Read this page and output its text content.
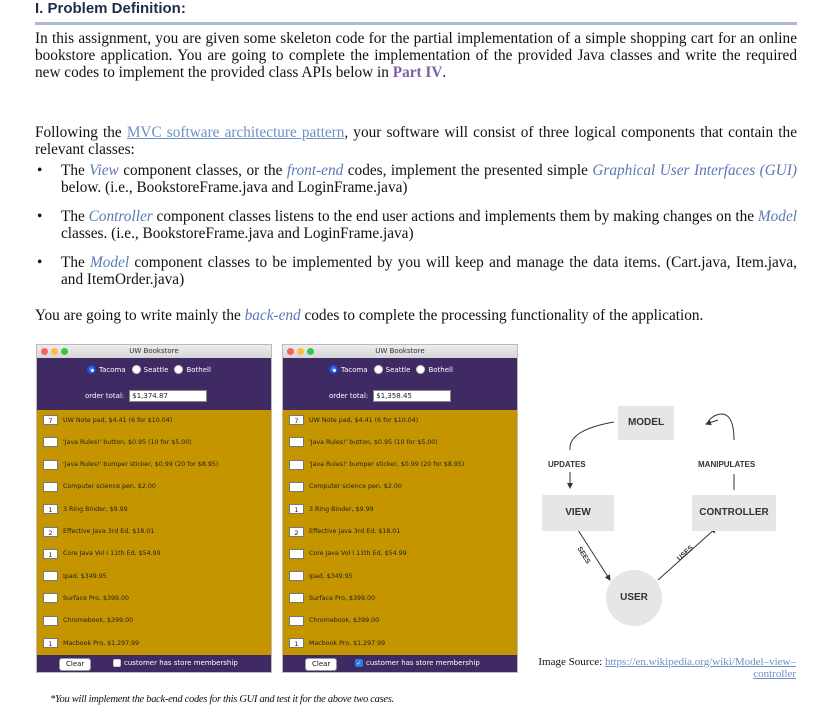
I. Problem Definition:

In this assignment, you are given some skeleton code for the partial implementation of a simple shopping cart for an online bookstore application. You are going to complete the implementation of the provided Java classes and write the required new codes to implement the provided class APIs below in Part IV.

Following the MVC software architecture pattern, your software will consist of three logical components that contain the relevant classes:

• The View component classes, or the front-end codes, implement the presented simple Graphical User Interfaces (GUI) below. (i.e., BookstoreFrame.java and LoginFrame.java)
• The Controller component classes listens to the end user actions and implements them by making changes on the Model classes. (i.e., BookstoreFrame.java and LoginFrame.java)
• The Model component classes to be implemented by you will keep and manage the data items. (Cart.java, Item.java, and ItemOrder.java)

You are going to write mainly the back-end codes to complete the processing functionality of the application.

UW Bookstore
Tacoma	Seattle	Bothell
order total:	$1,374.87
7	UW Note pad, $4.41 (6 for $10.04)
'Java Rules!' button, $0.95 (10 for $5.00)
'Java Rules!' bumper sticker, $0.99 (20 for $8.95)
Computer science pen, $2.00
1	3 Ring Binder, $9.99
2	Effective Java 3rd Ed, $18.01
1	Core Java Vol I 11th Ed, $54.99
Ipad, $349.95
Surface Pro, $399.00
Chromebook, $399.00
1	Macbook Pro, $1,297.99
Clear	customer has store membership
UW Bookstore
Tacoma	Seattle	Bothell
order total:	$1,358.45
7	UW Note pad, $4.41 (6 for $10.04)
'Java Rules!' button, $0.95 (10 for $5.00)
'Java Rules!' bumper sticker, $0.99 (20 for $8.95)
Computer science pen, $2.00
1	3 Ring Binder, $9.99
2	Effective Java 3rd Ed, $18.01
Core Java Vol I 11th Ed, $54.99
Ipad, $349.95
Surface Pro, $399.00
Chromebook, $399.00
1	Macbook Pro, $1,297.99
Clear	✓ customer has store membership
*You will implement the back-end codes for this GUI and test it for the above two cases.
MODEL
VIEW	CONTROLLER
USER
UPDATES	MANIPULATES
SEES	USES
Image Source: https://en.wikipedia.org/wiki/Model–view–controller
